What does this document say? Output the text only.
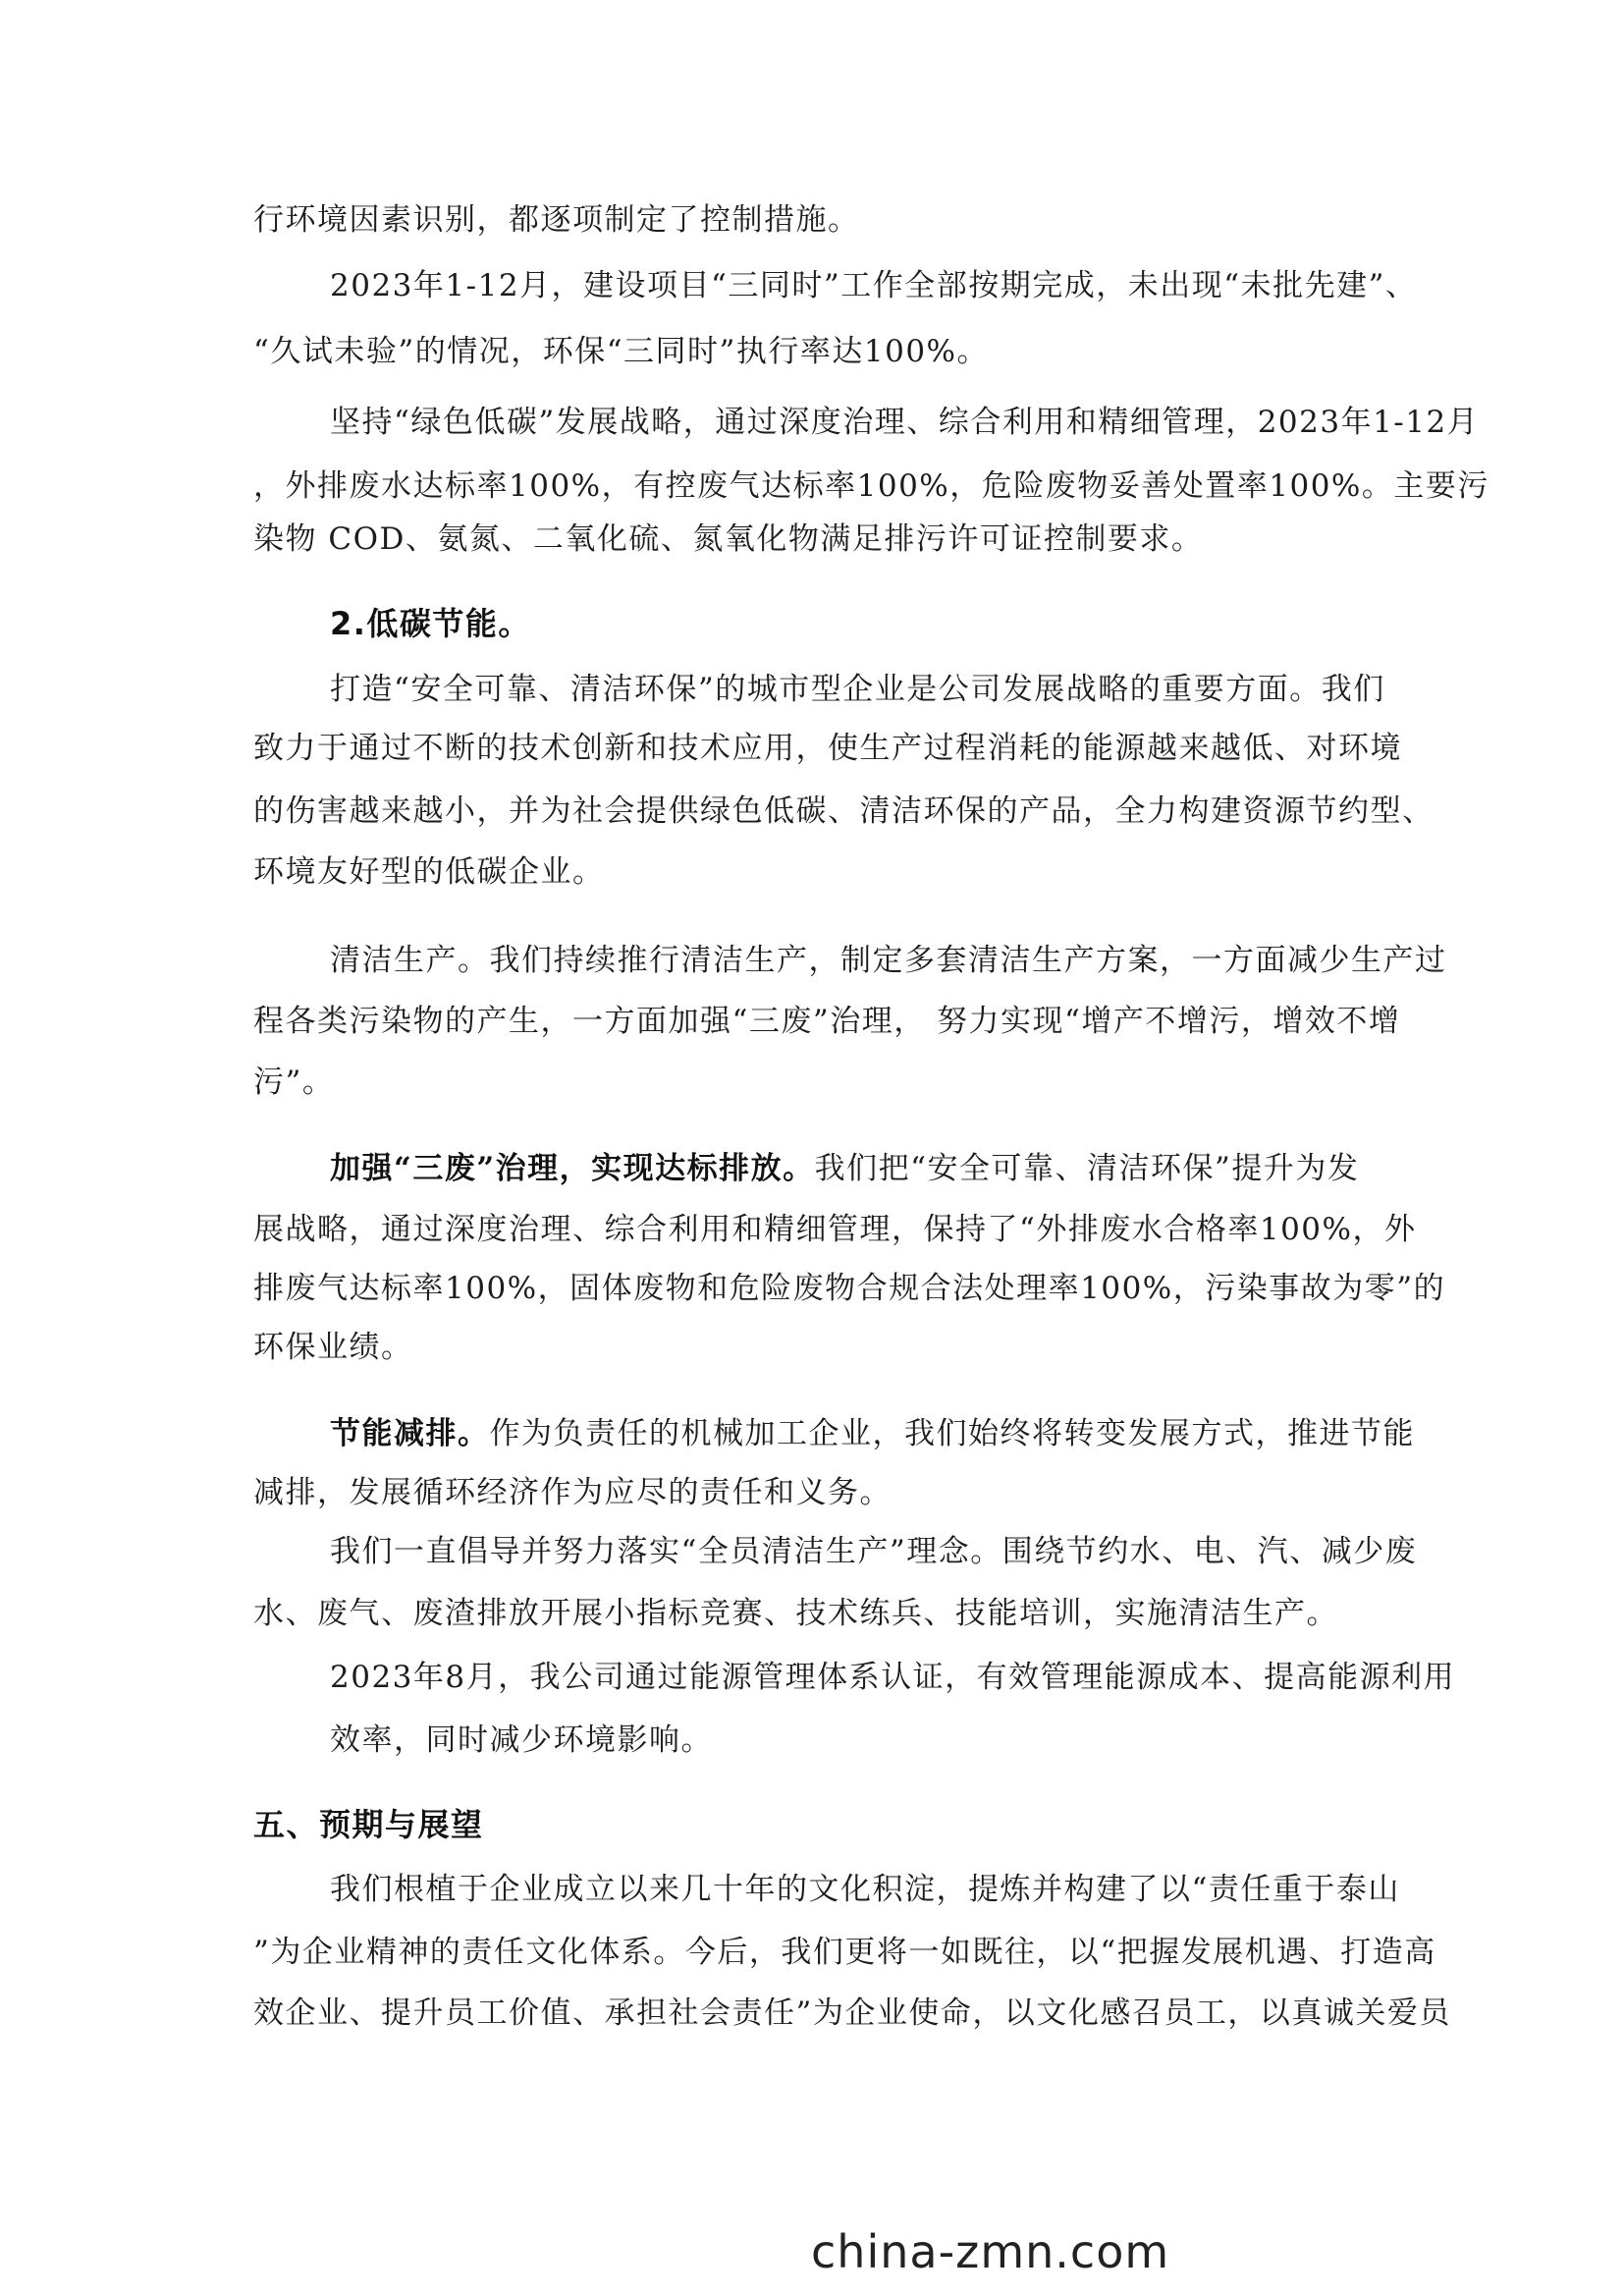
行环境因素识别，都逐项制定了控制措施。
2023年1-12月，建设项目“三同时”工作全部按期完成，未出现“未批先建”、
“久试未验”的情况，环保“三同时”执行率达100%。
坚持“绿色低碳”发展战略，通过深度治理、综合利用和精细管理，2023年1-12月
，外排废水达标率100%，有控废气达标率100%，危险废物妥善处置率100%。主要污
染物 COD、氨氮、二氧化硫、氮氧化物满足排污许可证控制要求。
2.低碳节能。
打造“安全可靠、清洁环保”的城市型企业是公司发展战略的重要方面。我们
致力于通过不断的技术创新和技术应用，使生产过程消耗的能源越来越低、对环境
的伤害越来越小，并为社会提供绿色低碳、清洁环保的产品，全力构建资源节约型、
环境友好型的低碳企业。
清洁生产。我们持续推行清洁生产，制定多套清洁生产方案，一方面减少生产过
程各类污染物的产生，一方面加强“三废”治理， 努力实现“增产不增污，增效不增
污”。
加强“三废”治理，实现达标排放。我们把“安全可靠、清洁环保”提升为发
展战略，通过深度治理、综合利用和精细管理，保持了“外排废水合格率100%，外
排废气达标率100%，固体废物和危险废物合规合法处理率100%，污染事故为零”的
环保业绩。
节能减排。作为负责任的机械加工企业，我们始终将转变发展方式，推进节能
减排，发展循环经济作为应尽的责任和义务。
我们一直倡导并努力落实“全员清洁生产”理念。围绕节约水、电、汽、减少废
水、废气、废渣排放开展小指标竞赛、技术练兵、技能培训，实施清洁生产。
2023年8月，我公司通过能源管理体系认证，有效管理能源成本、提高能源利用
效率，同时减少环境影响。
五、预期与展望
我们根植于企业成立以来几十年的文化积淀，提炼并构建了以“责任重于泰山
”为企业精神的责任文化体系。今后，我们更将一如既往，以“把握发展机遇、打造高
效企业、提升员工价值、承担社会责任”为企业使命，以文化感召员工，以真诚关爱员
china-zmn.com
